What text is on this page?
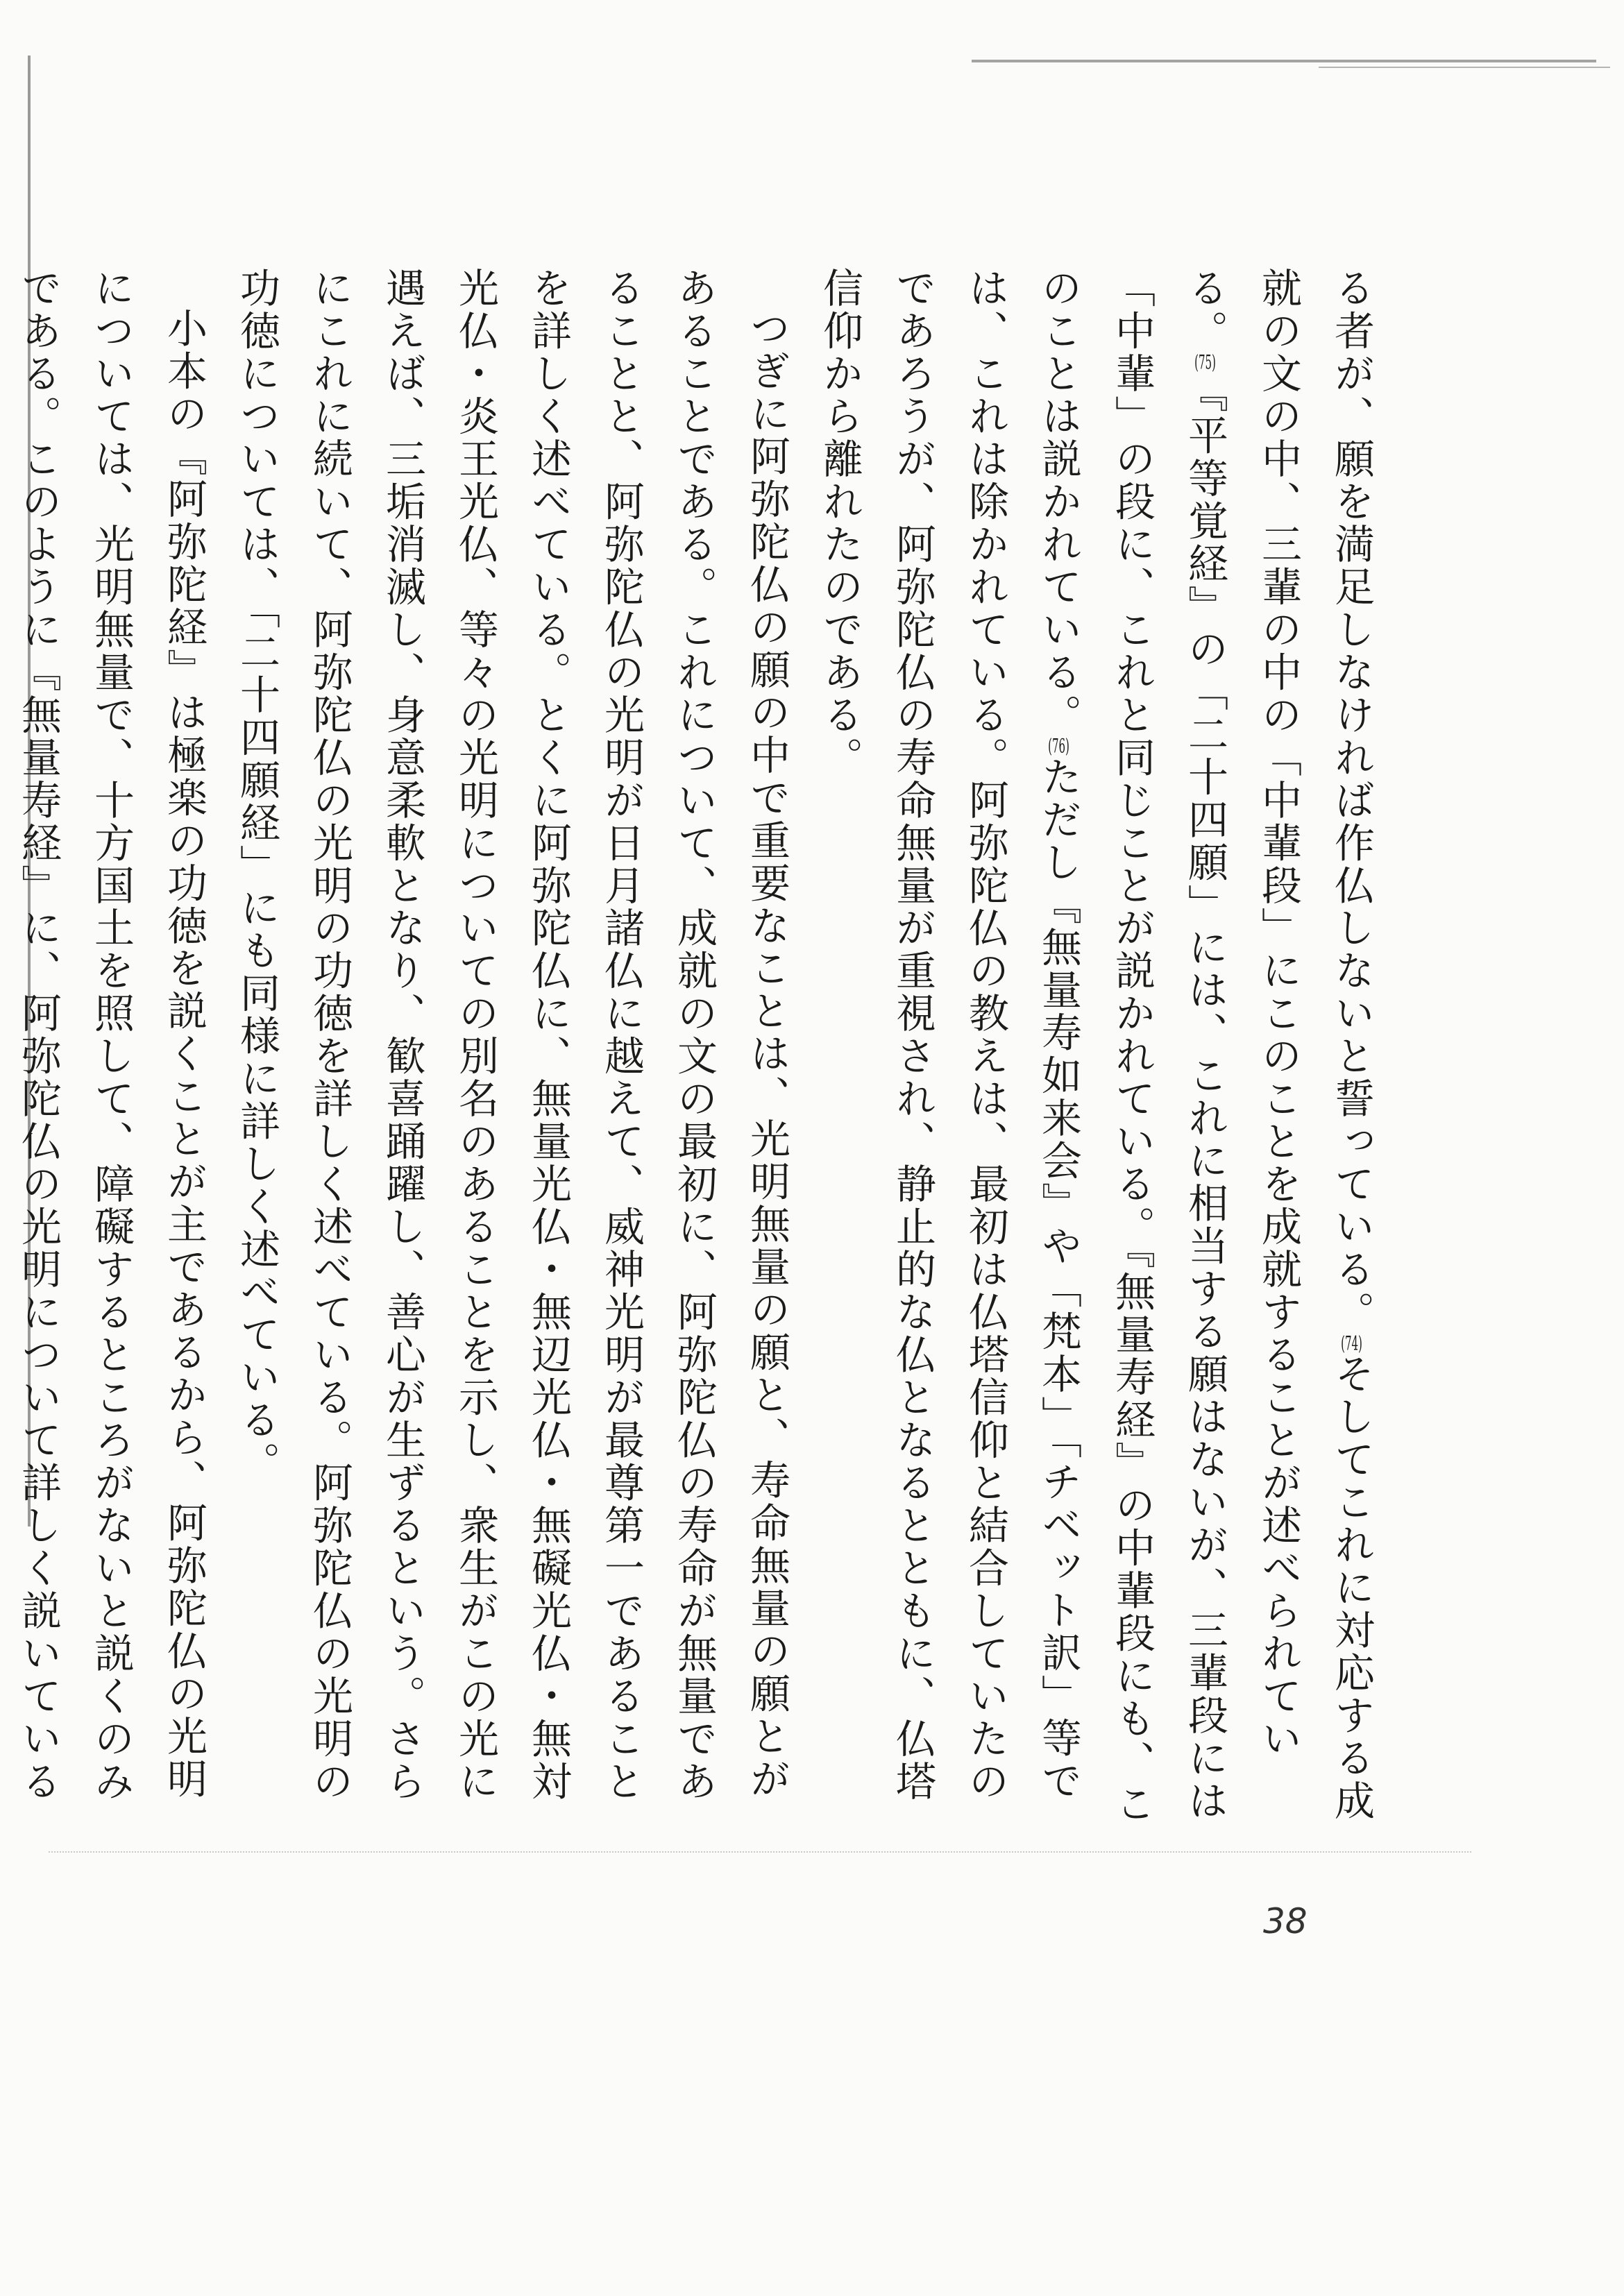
る者が、願を満足しなければ作仏しないと誓っている。(74)そしてこれに対応する成就の文の中、三輩の中の「中輩段」にこのことを成就することが述べられている。(75)『平等覚経』の「二十四願」には、これに相当する願はないが、三輩段には「中輩」の段に、これと同じことが説かれている。『無量寿経』の中輩段にも、このことは説かれている。(76)ただし『無量寿如来会』や「梵本」「チベット訳」等では、これは除かれている。阿弥陀仏の教えは、最初は仏塔信仰と結合していたのであろうが、阿弥陀仏の寿命無量が重視され、静止的な仏となるとともに、仏塔信仰から離れたのである。

つぎに阿弥陀仏の願の中で重要なことは、光明無量の願と、寿命無量の願とがあることである。これについて、成就の文の最初に、阿弥陀仏の寿命が無量であることと、阿弥陀仏の光明が日月諸仏に越えて、威神光明が最尊第一であることを詳しく述べている。とくに阿弥陀仏に、無量光仏・無辺光仏・無礙光仏・無対光仏・炎王光仏、等々の光明についての別名のあることを示し、衆生がこの光に遇えば、三垢消滅し、身意柔軟となり、歓喜踊躍し、善心が生ずるという。さらにこれに続いて、阿弥陀仏の光明の功徳を詳しく述べている。阿弥陀仏の光明の功徳については、「二十四願経」にも同様に詳しく述べている。

小本の『阿弥陀経』は極楽の功徳を説くことが主であるから、阿弥陀仏の光明については、光明無量で、十方国土を照して、障礙するところがないと説くのみである。このように『無量寿経』に、阿弥陀仏の光明について詳しく説いている

38
